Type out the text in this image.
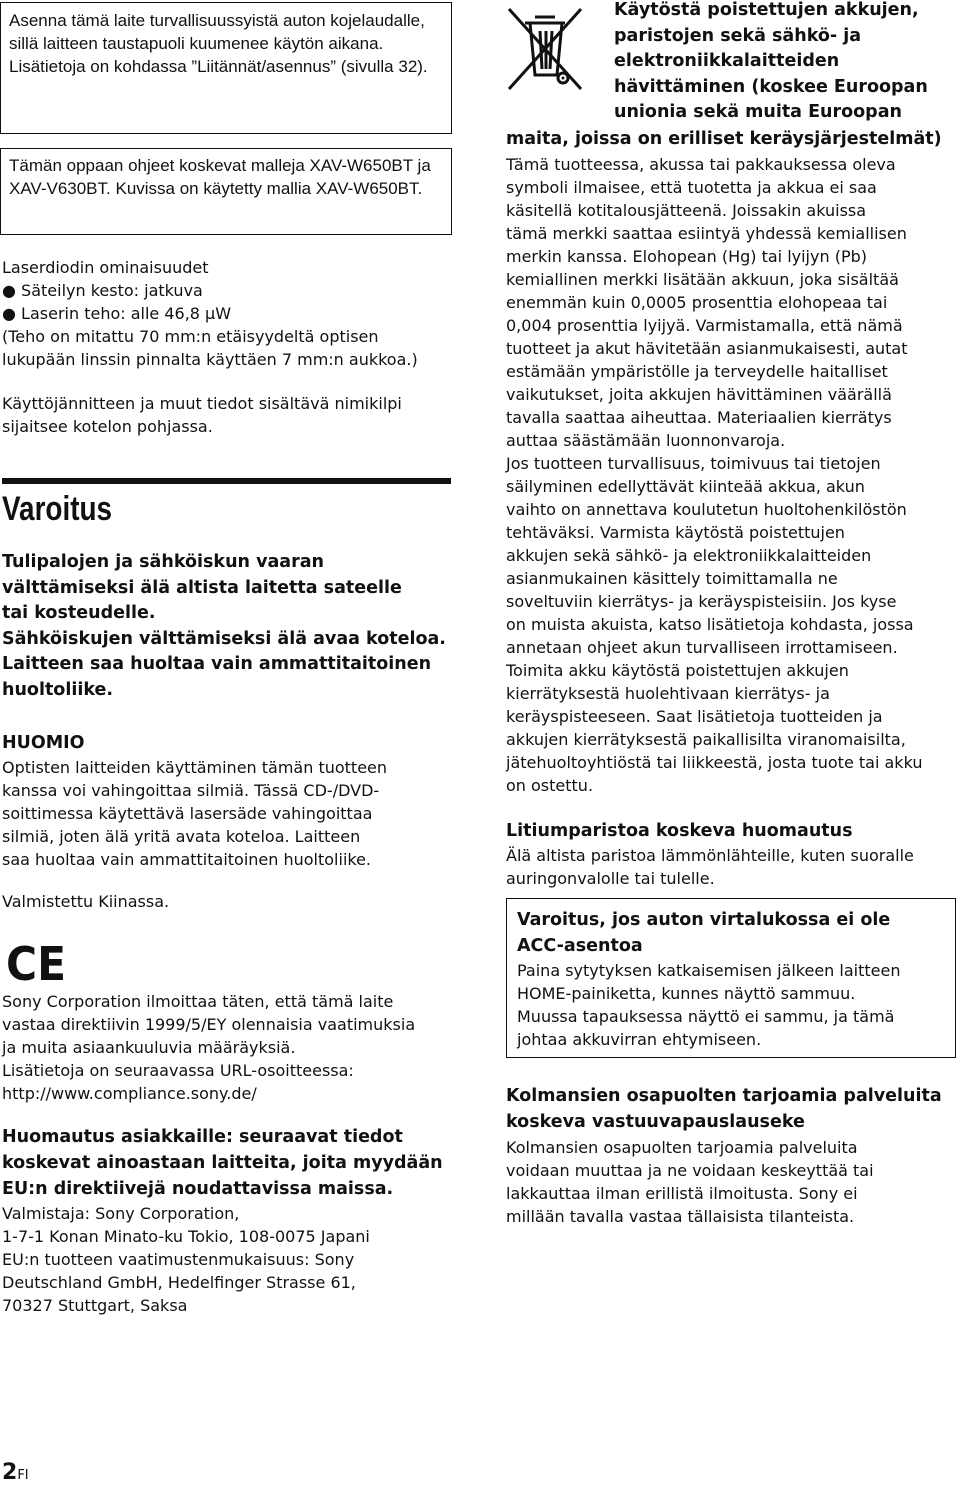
Asenna tämä laite turvallisuussyistä auton kojelaudalle, sillä laitteen taustapuoli kuumenee käytön aikana. Lisätietoja on kohdassa ”Liitännät/asennus” (sivulla 32).

Tämän oppaan ohjeet koskevat malleja XAV-W650BT ja XAV-V630BT. Kuvissa on käytetty mallia XAV-W650BT.

Laserdiodin ominaisuudet

● Säteilyn kesto: jatkuva

● Laserin teho: alle 46,8 μW

(Teho on mitattu 70 mm:n etäisyydeltä optisen
lukupään linssin pinnalta käyttäen 7 mm:n aukkoa.)

Käyttöjännitteen ja muut tiedot sisältävä nimikilpi
sijaitsee kotelon pohjassa.

Varoitus

Tulipalojen ja sähköiskun vaaran
välttämiseksi älä altista laitetta sateelle
tai kosteudelle.
Sähköiskujen välttämiseksi älä avaa koteloa.
Laitteen saa huoltaa vain ammattitaitoinen
huoltoliike.

HUOMIO

Optisten laitteiden käyttäminen tämän tuotteen
kanssa voi vahingoittaa silmiä. Tässä CD-/DVD-
soittimessa käytettävä lasersäde vahingoittaa
silmiä, joten älä yritä avata koteloa. Laitteen
saa huoltaa vain ammattitaitoinen huoltoliike.

Valmistettu Kiinassa.

CE

Sony Corporation ilmoittaa täten, että tämä laite
vastaa direktiivin 1999/5/EY olennaisia vaatimuksia
ja muita asiaankuuluvia määräyksiä.
Lisätietoja on seuraavassa URL-osoitteessa:
http://www.compliance.sony.de/

Huomautus asiakkaille: seuraavat tiedot
koskevat ainoastaan laitteita, joita myydään
EU:n direktiivejä noudattavissa maissa.

Valmistaja: Sony Corporation,
1-7-1 Konan Minato-ku Tokio, 108-0075 Japani
EU:n tuotteen vaatimustenmukaisuus: Sony
Deutschland GmbH, Hedelfinger Strasse 61,
70327 Stuttgart, Saksa

2FI

Käytöstä poistettujen akkujen,
paristojen sekä sähkö- ja
elektroniikkalaitteiden
hävittäminen (koskee Euroopan
unionia sekä muita Euroopan

maita, joissa on erilliset keräysjärjestelmät)

Tämä tuotteessa, akussa tai pakkauksessa oleva
symboli ilmaisee, että tuotetta ja akkua ei saa
käsitellä kotitalousjätteenä. Joissakin akuissa
tämä merkki saattaa esiintyä yhdessä kemiallisen
merkin kanssa. Elohopean (Hg) tai lyijyn (Pb)
kemiallinen merkki lisätään akkuun, joka sisältää
enemmän kuin 0,0005 prosenttia elohopeaa tai
0,004 prosenttia lyijyä. Varmistamalla, että nämä
tuotteet ja akut hävitetään asianmukaisesti, autat
estämään ympäristölle ja terveydelle haitalliset
vaikutukset, joita akkujen hävittäminen väärällä
tavalla saattaa aiheuttaa. Materiaalien kierrätys
auttaa säästämään luonnonvaroja.
Jos tuotteen turvallisuus, toimivuus tai tietojen
säilyminen edellyttävät kiinteää akkua, akun
vaihto on annettava koulutetun huoltohenkilöstön
tehtäväksi. Varmista käytöstä poistettujen
akkujen sekä sähkö- ja elektroniikkalaitteiden
asianmukainen käsittely toimittamalla ne
soveltuviin kierrätys- ja keräyspisteisiin. Jos kyse
on muista akuista, katso lisätietoja kohdasta, jossa
annetaan ohjeet akun turvalliseen irrottamiseen.
Toimita akku käytöstä poistettujen akkujen
kierrätyksestä huolehtivaan kierrätys- ja
keräyspisteeseen. Saat lisätietoja tuotteiden ja
akkujen kierrätyksestä paikallisilta viranomaisilta,
jätehuoltoyhtiöstä tai liikkeestä, josta tuote tai akku
on ostettu.

Litiumparistoa koskeva huomautus

Älä altista paristoa lämmönlähteille, kuten suoralle
auringonvalolle tai tulelle.

Varoitus, jos auton virtalukossa ei ole
ACC-asentoa

Paina sytytyksen katkaisemisen jälkeen laitteen
HOME-painiketta, kunnes näyttö sammuu.
Muussa tapauksessa näyttö ei sammu, ja tämä
johtaa akkuvirran ehtymiseen.

Kolmansien osapuolten tarjoamia palveluita
koskeva vastuuvapauslauseke

Kolmansien osapuolten tarjoamia palveluita
voidaan muuttaa ja ne voidaan keskeyttää tai
lakkauttaa ilman erillistä ilmoitusta. Sony ei
millään tavalla vastaa tällaisista tilanteista.
